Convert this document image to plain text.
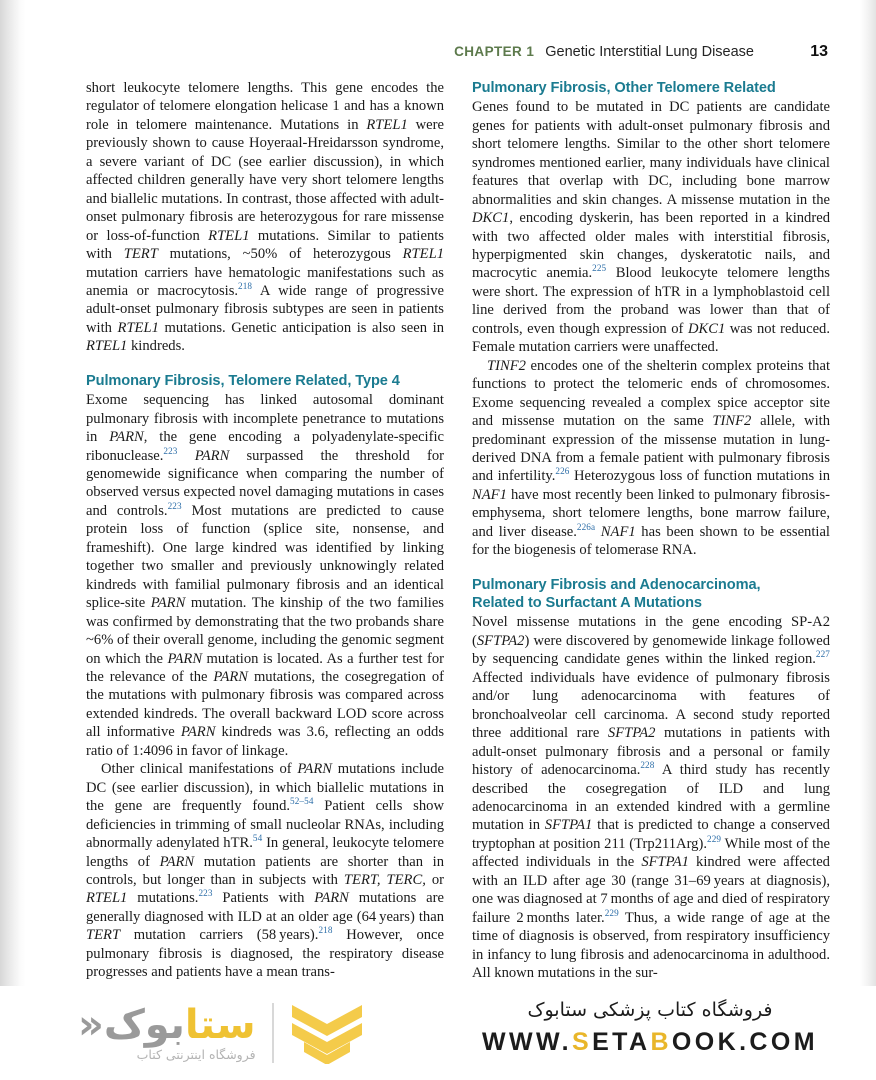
CHAPTER 1 Genetic Interstitial Lung Disease	13

short leukocyte telomere lengths. This gene encodes the regulator of telomere elongation helicase 1 and has a known role in telomere maintenance. Mutations in RTEL1 were previously shown to cause Hoyeraal-Hreidarsson syndrome, a severe variant of DC (see earlier discussion), in which affected children generally have very short telomere lengths and biallelic mutations. In contrast, those affected with adult-onset pulmonary fibrosis are heterozygous for rare missense or loss-of-function RTEL1 mutations. Similar to patients with TERT mutations, ~50% of heterozygous RTEL1 mutation carriers have hematologic manifestations such as anemia or macrocytosis.$^{218}$ A wide range of progressive adult-onset pulmonary fibrosis subtypes are seen in patients with RTEL1 mutations. Genetic anticipation is also seen in RTEL1 kindreds.

Pulmonary Fibrosis, Telomere Related, Type 4

Exome sequencing has linked autosomal dominant pulmonary fibrosis with incomplete penetrance to mutations in PARN, the gene encoding a polyadenylate-specific ribonuclease.$^{223}$ PARN surpassed the threshold for genomewide significance when comparing the number of observed versus expected novel damaging mutations in cases and controls.$^{223}$ Most mutations are predicted to cause protein loss of function (splice site, nonsense, and frameshift). One large kindred was identified by linking together two smaller and previously unknowingly related kindreds with familial pulmonary fibrosis and an identical splice-site PARN mutation. The kinship of the two families was confirmed by demonstrating that the two probands share ~6% of their overall genome, including the genomic segment on which the PARN mutation is located. As a further test for the relevance of the PARN mutations, the cosegregation of the mutations with pulmonary fibrosis was compared across extended kindreds. The overall backward LOD score across all informative PARN kindreds was 3.6, reflecting an odds ratio of 1:4096 in favor of linkage.

Other clinical manifestations of PARN mutations include DC (see earlier discussion), in which biallelic mutations in the gene are frequently found.$^{52-54}$ Patient cells show deficiencies in trimming of small nucleolar RNAs, including abnormally adenylated hTR.$^{54}$ In general, leukocyte telomere lengths of PARN mutation patients are shorter than in controls, but longer than in subjects with TERT, TERC, or RTEL1 mutations.$^{223}$ Patients with PARN mutations are generally diagnosed with ILD at an older age (64 years) than TERT mutation carriers (58 years).$^{218}$ However, once pulmonary fibrosis is diagnosed, the respiratory disease progresses and patients have a mean trans-

Pulmonary Fibrosis, Other Telomere Related

Genes found to be mutated in DC patients are candidate genes for patients with adult-onset pulmonary fibrosis and short telomere lengths. Similar to the other short telomere syndromes mentioned earlier, many individuals have clinical features that overlap with DC, including bone marrow abnormalities and skin changes. A missense mutation in the DKC1, encoding dyskerin, has been reported in a kindred with two affected older males with interstitial fibrosis, hyperpigmented skin changes, dyskeratotic nails, and macrocytic anemia.$^{225}$ Blood leukocyte telomere lengths were short. The expression of hTR in a lymphoblastoid cell line derived from the proband was lower than that of controls, even though expression of DKC1 was not reduced. Female mutation carriers were unaffected.

TINF2 encodes one of the shelterin complex proteins that functions to protect the telomeric ends of chromosomes. Exome sequencing revealed a complex spice acceptor site and missense mutation on the same TINF2 allele, with predominant expression of the missense mutation in lung-derived DNA from a female patient with pulmonary fibrosis and infertility.$^{226}$ Heterozygous loss of function mutations in NAF1 have most recently been linked to pulmonary fibrosis-emphysema, short telomere lengths, bone marrow failure, and liver disease.$^{226a}$ NAF1 has been shown to be essential for the biogenesis of telomerase RNA.

Pulmonary Fibrosis and Adenocarcinoma,
Related to Surfactant A Mutations

Novel missense mutations in the gene encoding SP-A2 (SFTPA2) were discovered by genomewide linkage followed by sequencing candidate genes within the linked region.$^{227}$ Affected individuals have evidence of pulmonary fibrosis and/or lung adenocarcinoma with features of bronchoalveolar cell carcinoma. A second study reported three additional rare SFTPA2 mutations in patients with adult-onset pulmonary fibrosis and a personal or family history of adenocarcinoma.$^{228}$ A third study has recently described the cosegregation of ILD and lung adenocarcinoma in an extended kindred with a germline mutation in SFTPA1 that is predicted to change a conserved tryptophan at position 211 (Trp211Arg).$^{229}$ While most of the affected individuals in the SFTPA1 kindred were affected with an ILD after age 30 (range 31–69 years at diagnosis), one was diagnosed at 7 months of age and died of respiratory failure 2 months later.$^{229}$ Thus, a wide range of age at the time of diagnosis is observed, from respiratory insufficiency in infancy to lung fibrosis and adenocarcinoma in adulthood. All known mutations in the sur-

ستابوک«
فروشگاه اینترنتی کتاب
فروشگاه کتاب پزشکی ستابوک
WWW.SETABOOK.COM
